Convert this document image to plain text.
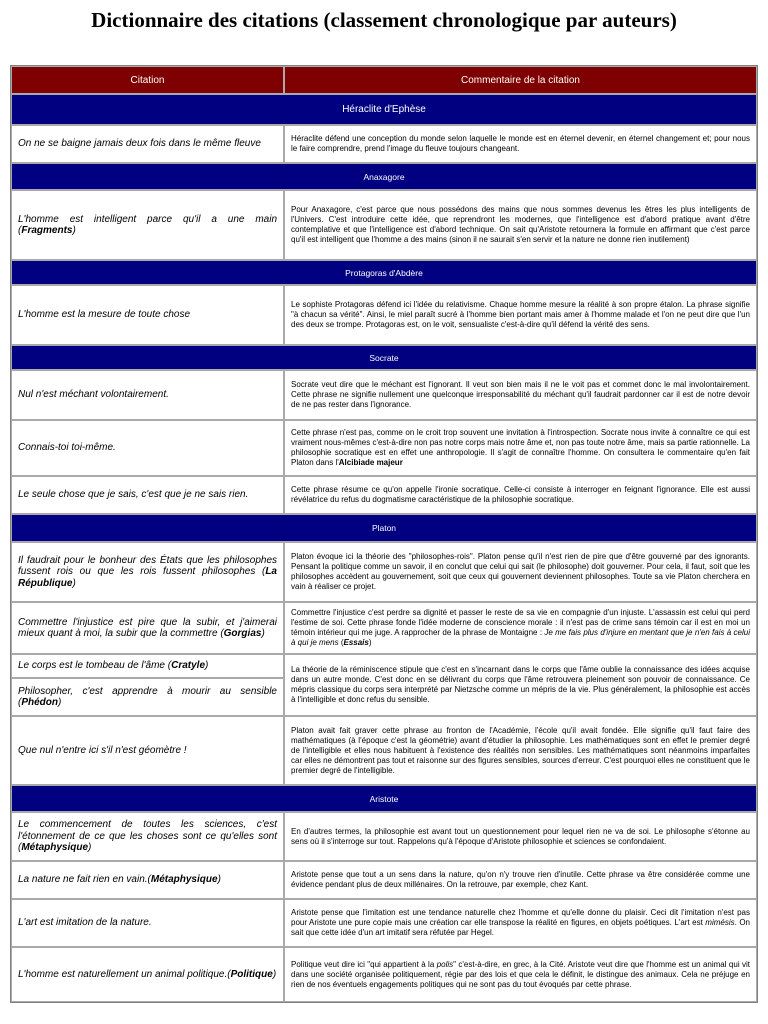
Dictionnaire des citations (classement chronologique par auteurs)
Citation	Commentaire de la citation
Héraclite d'Ephèse	
On ne se baigne jamais deux fois dans le même fleuve	Héraclite défend une conception du monde selon laquelle le monde est en éternel devenir, en éternel changement et; pour nous le faire comprendre, prend l'image du fleuve toujours changeant.
Anaxagore	
L'homme est intelligent parce qu'il a une main (Fragments)	Pour Anaxagore, c'est parce que nous possédons des mains que nous sommes devenus les êtres les plus intelligents de l'Univers. C'est introduire cette idée, que reprendront les modernes, que l'intelligence est d'abord pratique avant d'être contemplative et que l'intelligence est d'abord technique. On sait qu'Aristote retournera la formule en affirmant que c'est parce qu'il est intelligent que l'homme a des mains (sinon il ne saurait s'en servir et la nature ne donne rien inutilement)
Protagoras d'Abdère	
L'homme est la mesure de toute chose	Le sophiste Protagoras défend ici l'idée du relativisme. Chaque homme mesure la réalité à son propre étalon. La phrase signifie "à chacun sa vérité". Ainsi, le miel paraît sucré à l'homme bien portant mais amer à l'homme malade et l'on ne peut dire que l'un des deux se trompe. Protagoras est, on le voit, sensualiste c'est-à-dire qu'il défend la vérité des sens.
Socrate	
Nul n'est méchant volontairement.	Socrate veut dire que le méchant est l'ignorant. Il veut son bien mais il ne le voit pas et commet donc le mal involontairement. Cette phrase ne signifie nullement une quelconque irresponsabilité du méchant qu'il faudrait pardonner car il est de notre devoir de ne pas rester dans l'ignorance.
Connais-toi toi-même.	Cette phrase n'est pas, comme on le croit trop souvent une invitation à l'introspection. Socrate nous invite à connaître ce qui est vraiment nous-mêmes c'est-à-dire non pas notre corps mais notre âme et, non pas toute notre âme, mais sa partie rationnelle. La philosophie socratique est en effet une anthropologie. Il s'agit de connaître l'homme. On consultera le commentaire qu'en fait Platon dans l'Alcibiade majeur
Le seule chose que je sais, c'est que je ne sais rien.	Cette phrase résume ce qu'on appelle l'ironie socratique. Celle-ci consiste à interroger en feignant l'ignorance. Elle est aussi révélatrice du refus du dogmatisme caractéristique de la philosophie socratique.
Platon	
Il faudrait pour le bonheur des États que les philosophes fussent rois ou que les rois fussent philosophes (La République)	Platon évoque ici la théorie des "philosophes-rois". Platon pense qu'il n'est rien de pire que d'être gouverné par des ignorants. Pensant la politique comme un savoir, il en conclut que celui qui sait (le philosophe) doit gouverner. Pour cela, il faut, soit que les philosophes accèdent au gouvernement, soit que ceux qui gouvernent deviennent philosophes. Toute sa vie Platon cherchera en vain à réaliser ce projet.
Commettre l'injustice est pire que la subir, et j'aimerai mieux quant à moi, la subir que la commettre (Gorgias)	Commettre l'injustice c'est perdre sa dignité et passer le reste de sa vie en compagnie d'un injuste. L'assassin est celui qui perd l'estime de soi. Cette phrase fonde l'idée moderne de conscience morale : il n'est pas de crime sans témoin car il est en moi un témoin intérieur qui me juge. A rapprocher de la phrase de Montaigne : Je me fais plus d'injure en mentant que je n'en fais à celui à qui je mens (Essais)
Le corps est le tombeau de l'âme (Cratyle)	La théorie de la réminiscence stipule que c'est en s'incarnant dans le corps que l'âme oublie la connaissance des idées acquise dans un autre monde. C'est donc en se délivrant du corps que l'âme retrouvera pleinement son pouvoir de connaissance. Ce mépris classique du corps sera interprété par Nietzsche comme un mépris de la vie. Plus généralement, la philosophie est accès à l'intelligible et donc refus du sensible.
Philosopher, c'est apprendre à mourir au sensible (Phédon)	
Que nul n'entre ici s'il n'est géomètre !	Platon avait fait graver cette phrase au fronton de l'Académie, l'école qu'il avait fondée. Elle signifie qu'il faut faire des mathématiques (à l'époque c'est la géométrie) avant d'étudier la philosophie. Les mathématiques sont en effet le premier degré de l'intelligible et elles nous habituent à l'existence des réalités non sensibles. Les mathématiques sont néanmoins imparfaites car elles ne démontrent pas tout et raisonne sur des figures sensibles, sources d'erreur. C'est pourquoi elles ne constituent que le premier degré de l'intelligible.
Aristote	
Le commencement de toutes les sciences, c'est l'étonnement de ce que les choses sont ce qu'elles sont (Métaphysique)	En d'autres termes, la philosophie est avant tout un questionnement pour lequel rien ne va de soi. Le philosophe s'étonne au sens où il s'interroge sur tout. Rappelons qu'à l'époque d'Aristote philosophie et sciences se confondaient.
La nature ne fait rien en vain.(Métaphysique)	Aristote pense que tout a un sens dans la nature, qu'on n'y trouve rien d'inutile. Cette phrase va être considérée comme une évidence pendant plus de deux millénaires. On la retrouve, par exemple, chez Kant.
L'art est imitation de la nature.	Aristote pense que l'imitation est une tendance naturelle chez l'homme et qu'elle donne du plaisir. Ceci dit l'imitation n'est pas pour Aristote une pure copie mais une création car elle transpose la réalité en figures, en objets poétiques. L'art est mimésis. On sait que cette idée d'un art imitatif sera réfutée par Hegel.
L'homme est naturellement un animal politique.(Politique)	Politique veut dire ici "qui appartient à la polis" c'est-à-dire, en grec, à la Cité. Aristote veut dire que l'homme est un animal qui vit dans une société organisée politiquement, régie par des lois et que cela le définit, le distingue des animaux. Cela ne préjuge en rien de nos éventuels engagements politiques qui ne sont pas du tout évoqués par cette phrase.
